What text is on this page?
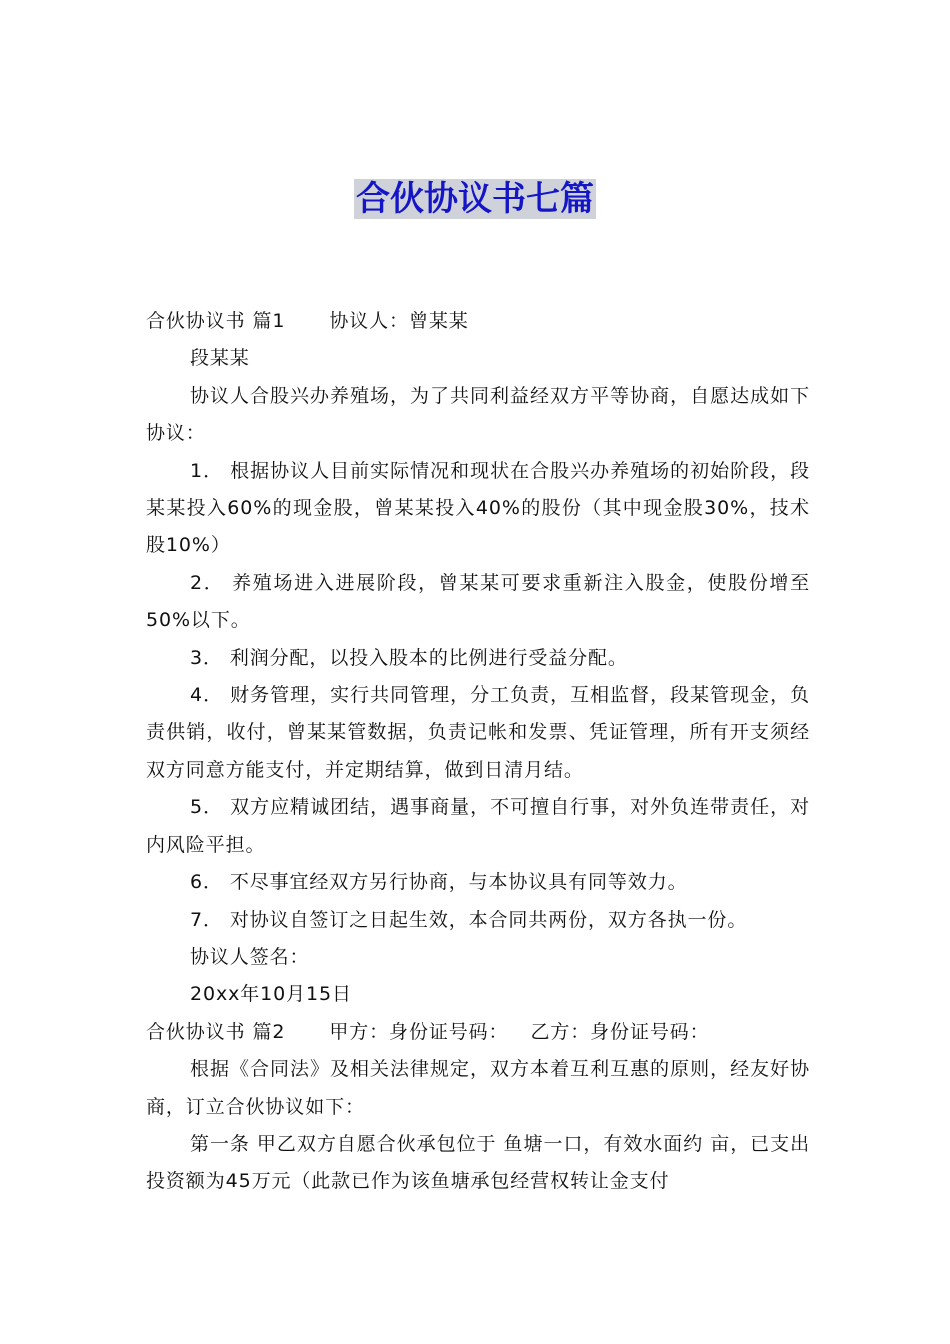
合伙协议书七篇

合伙协议书 篇1 协议人：曾某某

段某某

协议人合股兴办养殖场，为了共同利益经双方平等协商，自愿达成如下协议：

1． 根据协议人目前实际情况和现状在合股兴办养殖场的初始阶段，段某某投入60%的现金股，曾某某投入40%的股份（其中现金股30%，技术股10%）

2． 养殖场进入进展阶段，曾某某可要求重新注入股金，使股份增至50%以下。

3． 利润分配，以投入股本的比例进行受益分配。

4． 财务管理，实行共同管理，分工负责，互相监督，段某管现金，负责供销，收付，曾某某管数据，负责记帐和发票、凭证管理，所有开支须经双方同意方能支付，并定期结算，做到日清月结。

5． 双方应精诚团结，遇事商量，不可擅自行事，对外负连带责任，对内风险平担。

6． 不尽事宜经双方另行协商，与本协议具有同等效力。

7． 对协议自签订之日起生效，本合同共两份，双方各执一份。

协议人签名：

20xx年10月15日

合伙协议书 篇2 甲方：身份证号码： 乙方：身份证号码：

根据《合同法》及相关法律规定，双方本着互利互惠的原则，经友好协商，订立合伙协议如下：

第一条 甲乙双方自愿合伙承包位于 鱼塘一口，有效水面约 亩，已支出投资额为45万元（此款已作为该鱼塘承包经营权转让金支付
